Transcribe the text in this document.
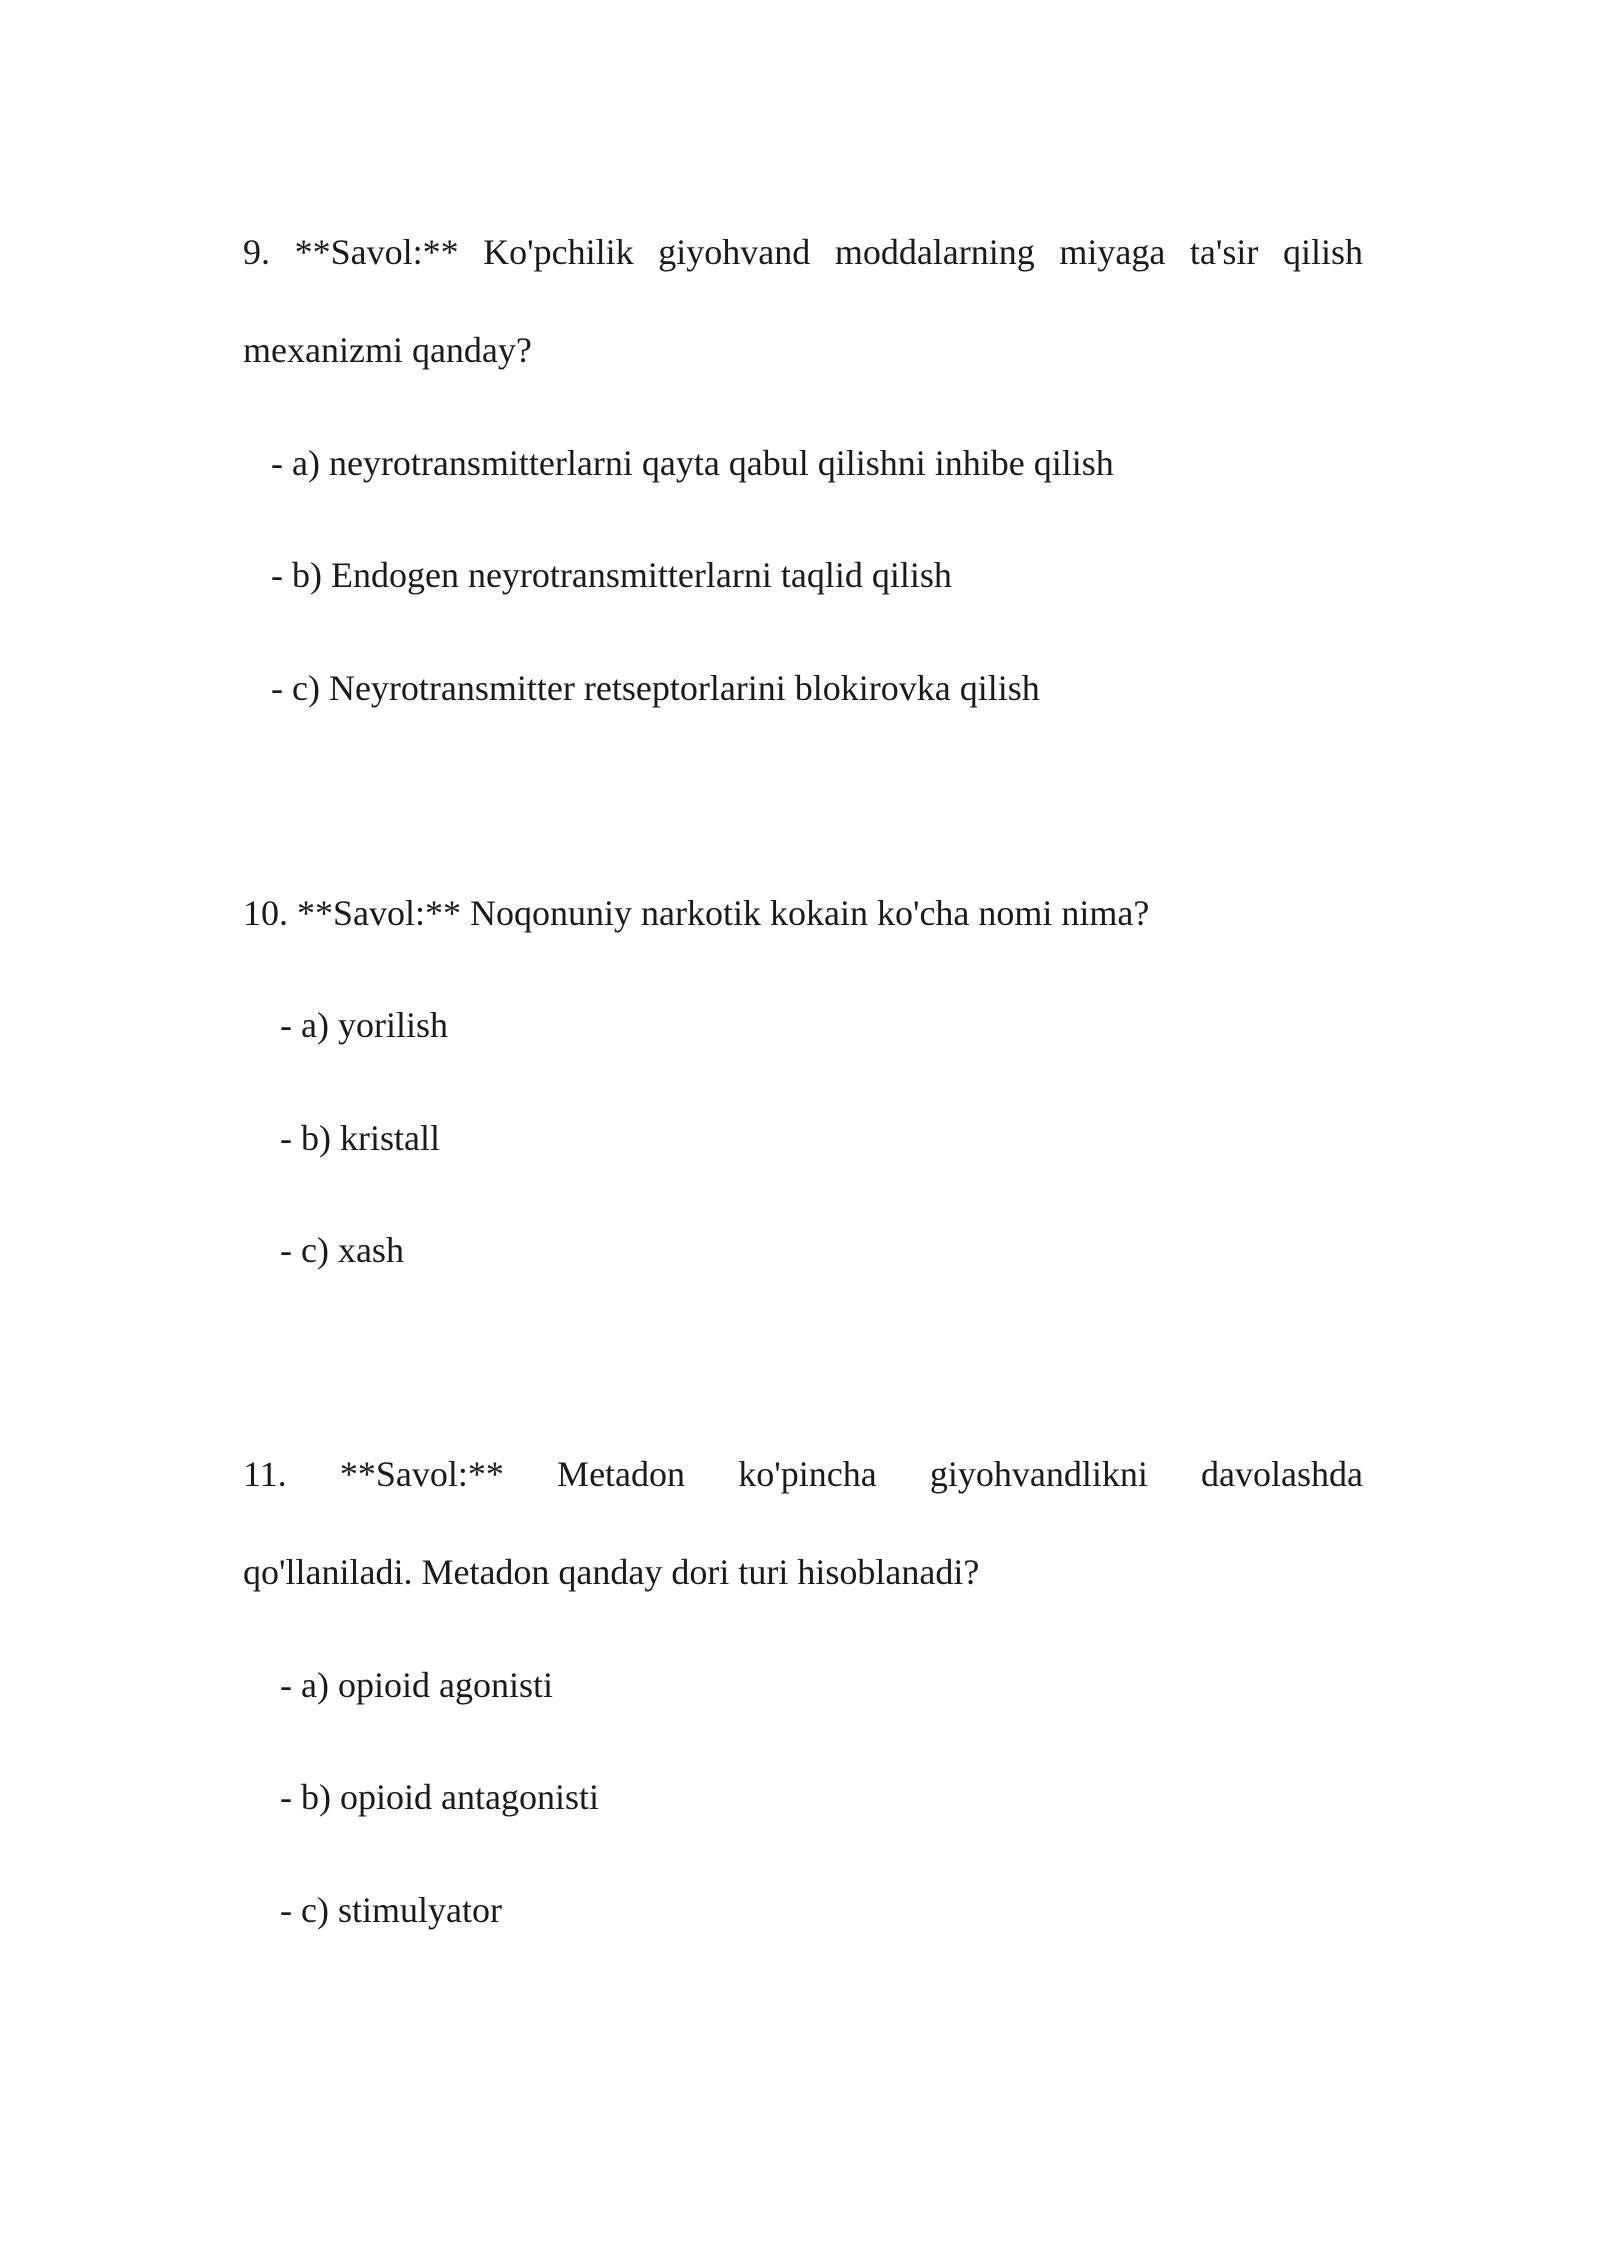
9. **Savol:** Ko'pchilik giyohvand moddalarning miyaga ta'sir qilish
mexanizmi qanday?
- a) neyrotransmitterlarni qayta qabul qilishni inhibe qilish
- b) Endogen neyrotransmitterlarni taqlid qilish
- c) Neyrotransmitter retseptorlarini blokirovka qilish
10. **Savol:** Noqonuniy narkotik kokain ko'cha nomi nima?
- a) yorilish
- b) kristall
- c) xash
11. **Savol:** Metadon ko'pincha giyohvandlikni davolashda
qo'llaniladi. Metadon qanday dori turi hisoblanadi?
- a) opioid agonisti
- b) opioid antagonisti
- c) stimulyator
